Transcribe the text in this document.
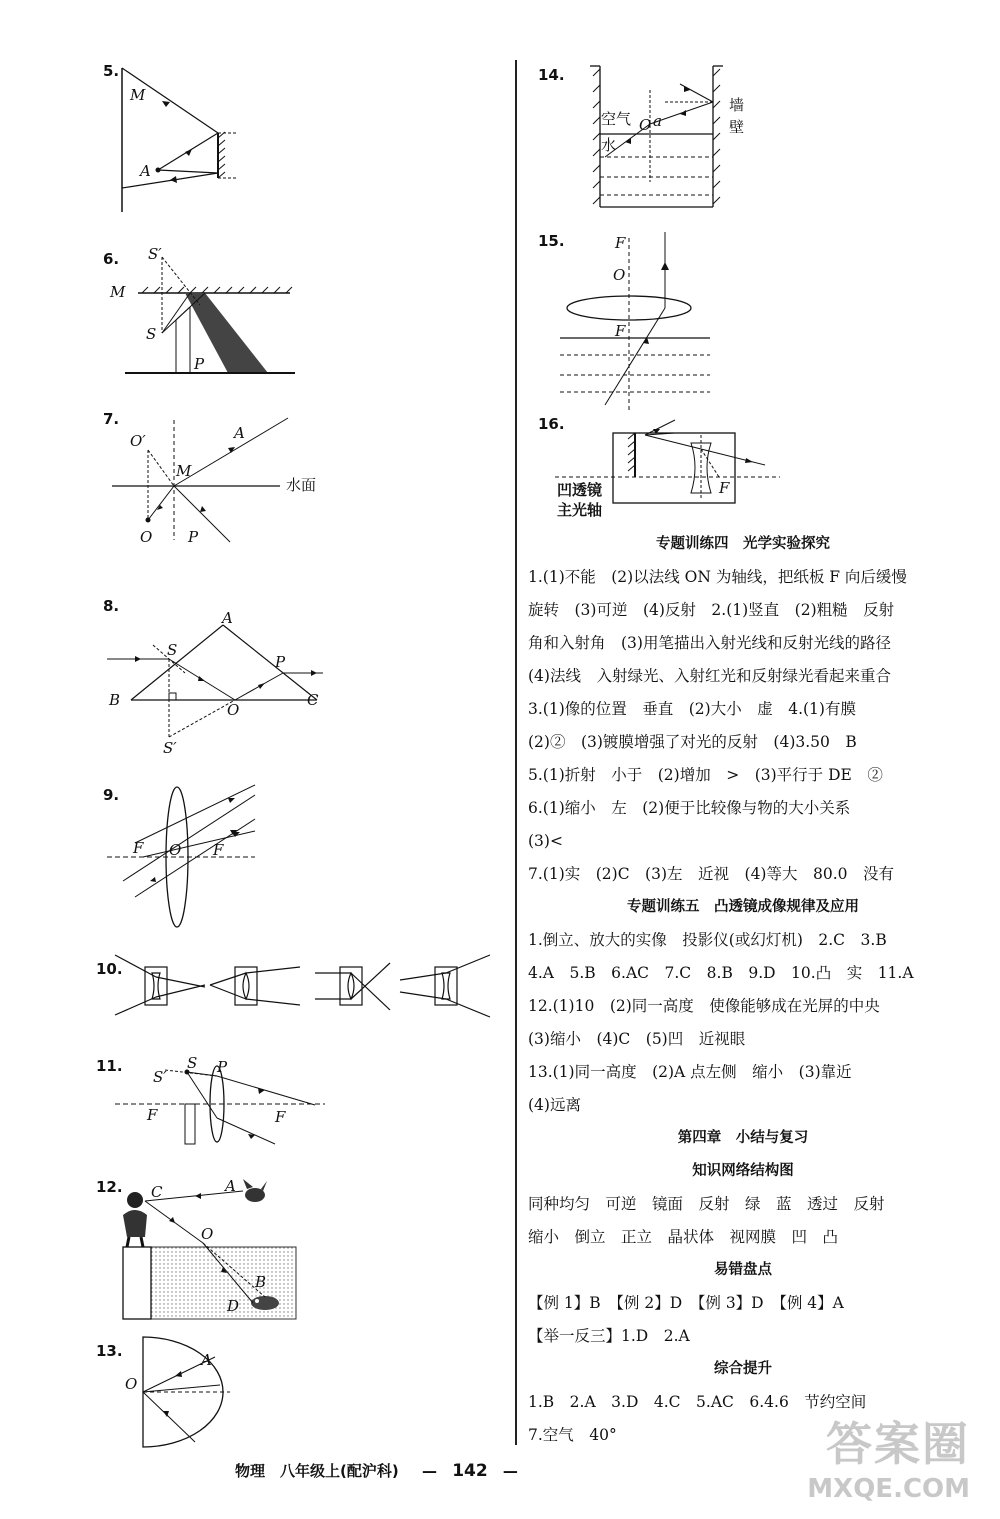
5.
M
A
6.
M
S′
S
P
7.
O′
M
A
O P
水面
8.
A
S
B
O
P
C
S′
9.
F O F
10.
11.
S′
S P
F	F
12. C	A
O
B
D
13.
O
A
14.
O a
空气
水
墙
壁
15.	F
O
F
16.
F
凹透镜
主光轴
专题训练四　光学实验探究
1.(1)不能　(2)以法线 ON 为轴线，把纸板 F 向后缓慢
旋转　(3)可逆　(4)反射　2.(1)竖直　(2)粗糙　反射
角和入射角　(3)用笔描出入射光线和反射光线的路径
(4)法线　入射绿光、入射红光和反射绿光看起来重合
3.(1)像的位置　垂直　(2)大小　虚　4.(1)有膜
(2)②　(3)镀膜增强了对光的反射　(4)3.50　B
5.(1)折射　小于　(2)增加　>　(3)平行于 DE　②
6.(1)缩小　左　(2)便于比较像与物的大小关系
(3)<
7.(1)实　(2)C　(3)左　近视　(4)等大　80.0　没有
专题训练五　凸透镜成像规律及应用
1.倒立、放大的实像　投影仪(或幻灯机)　2.C　3.B
4.A　5.B　6.AC　7.C　8.B　9.D　10.凸　实　11.A
12.(1)10　(2)同一高度　使像能够成在光屏的中央
(3)缩小　(4)C　(5)凹　近视眼
13.(1)同一高度　(2)A 点左侧　缩小　(3)靠近
(4)远离
第四章　小结与复习
知识网络结构图
同种均匀　可逆　镜面　反射　绿　蓝　透过　反射
缩小　倒立　正立　晶状体　视网膜　凹　凸
易错盘点
【例 1】B　【例 2】D　【例 3】D　【例 4】A
【举一反三】1.D　2.A
综合提升
1.B　2.A　3.D　4.C　5.AC　6.4.6　节约空间
7.空气　40°
物理　八年级上(配沪科) — 142 —	答案圈
MXQE.COM
